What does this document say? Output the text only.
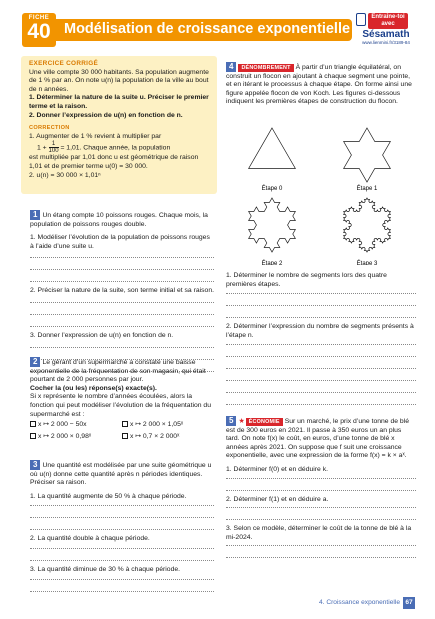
FICHE
40 Modélisation de croissance exponentielle
Entraîne-toi avec
Sésamath
www.lienmini.fr/3189-84
EXERCICE CORRIGÉ
Une ville compte 30 000 habitants. Sa population augmente de 1 % par an. On note u(n) la population de la ville au bout de n années.
1. Déterminer la nature de la suite u. Préciser le premier terme et la raison.
2. Donner l’expression de u(n) en fonction de n.
CORRECTION
1. Augmenter de 1 % revient à multiplier par
$1 + \frac{1}{100} = 1,01$. Chaque année, la population
est multipliée par 1,01 donc u est géométrique de raison 1,01 et de premier terme u(0) = 30 000.
2. u(n) = 30 000 × 1,01ⁿ
1 Un étang compte 10 poissons rouges. Chaque mois, la population de poissons rouges double.
1. Modéliser l’évolution de la population de poissons rouges à l’aide d’une suite u.
2. Préciser la nature de la suite, son terme initial et sa raison.
3. Donner l’expression de u(n) en fonction de n.
2 Le gérant d’un supermarché a constaté une baisse exponentielle de la fréquentation de son magasin, qui était pourtant de 2 000 personnes par jour.
Cocher la (ou les) réponse(s) exacte(s).
Si x représente le nombre d’années écoulées, alors la fonction qui peut modéliser l’évolution de la fréquentation du supermarché est :
x ↦ 2 000 − 50x	x ↦ 2 000 × 1,05ˣ
x ↦ 2 000 × 0,98ˣ	x ↦ 0,7 × 2 000ˣ
3 Une quantité est modélisée par une suite géométrique u où u(n) donne cette quantité après n périodes identiques. Préciser sa raison.
1. La quantité augmente de 50 % à chaque période.
2. La quantité double à chaque période.
3. La quantité diminue de 30 % à chaque période.
4 DÉNOMBREMENT À partir d’un triangle équilatéral, on construit un flocon en ajoutant à chaque segment une pointe, et en itérant le processus à chaque étape. On forme ainsi une figure appelée flocon de von Koch. Les figures ci-dessous indiquent les premières étapes de construction du flocon.
Étape 0	Étape 1
Étape 2	Étape 3
1. Déterminer le nombre de segments lors des quatre premières étapes.
2. Déterminer l’expression du nombre de segments présents à l’étape n.
5 ★ ÉCONOMIE Sur un marché, le prix d’une tonne de blé est de 300 euros en 2021. Il passe à 350 euros un an plus tard. On note f(x) le coût, en euros, d’une tonne de blé x années après 2021. On suppose que f suit une croissance exponentielle, avec une expression de la forme f(x) = k × aˣ.
1. Déterminer f(0) et en déduire k.
2. Déterminer f(1) et en déduire a.
3. Selon ce modèle, déterminer le coût de la tonne de blé à la mi-2024.
4. Croissance exponentielle 67
